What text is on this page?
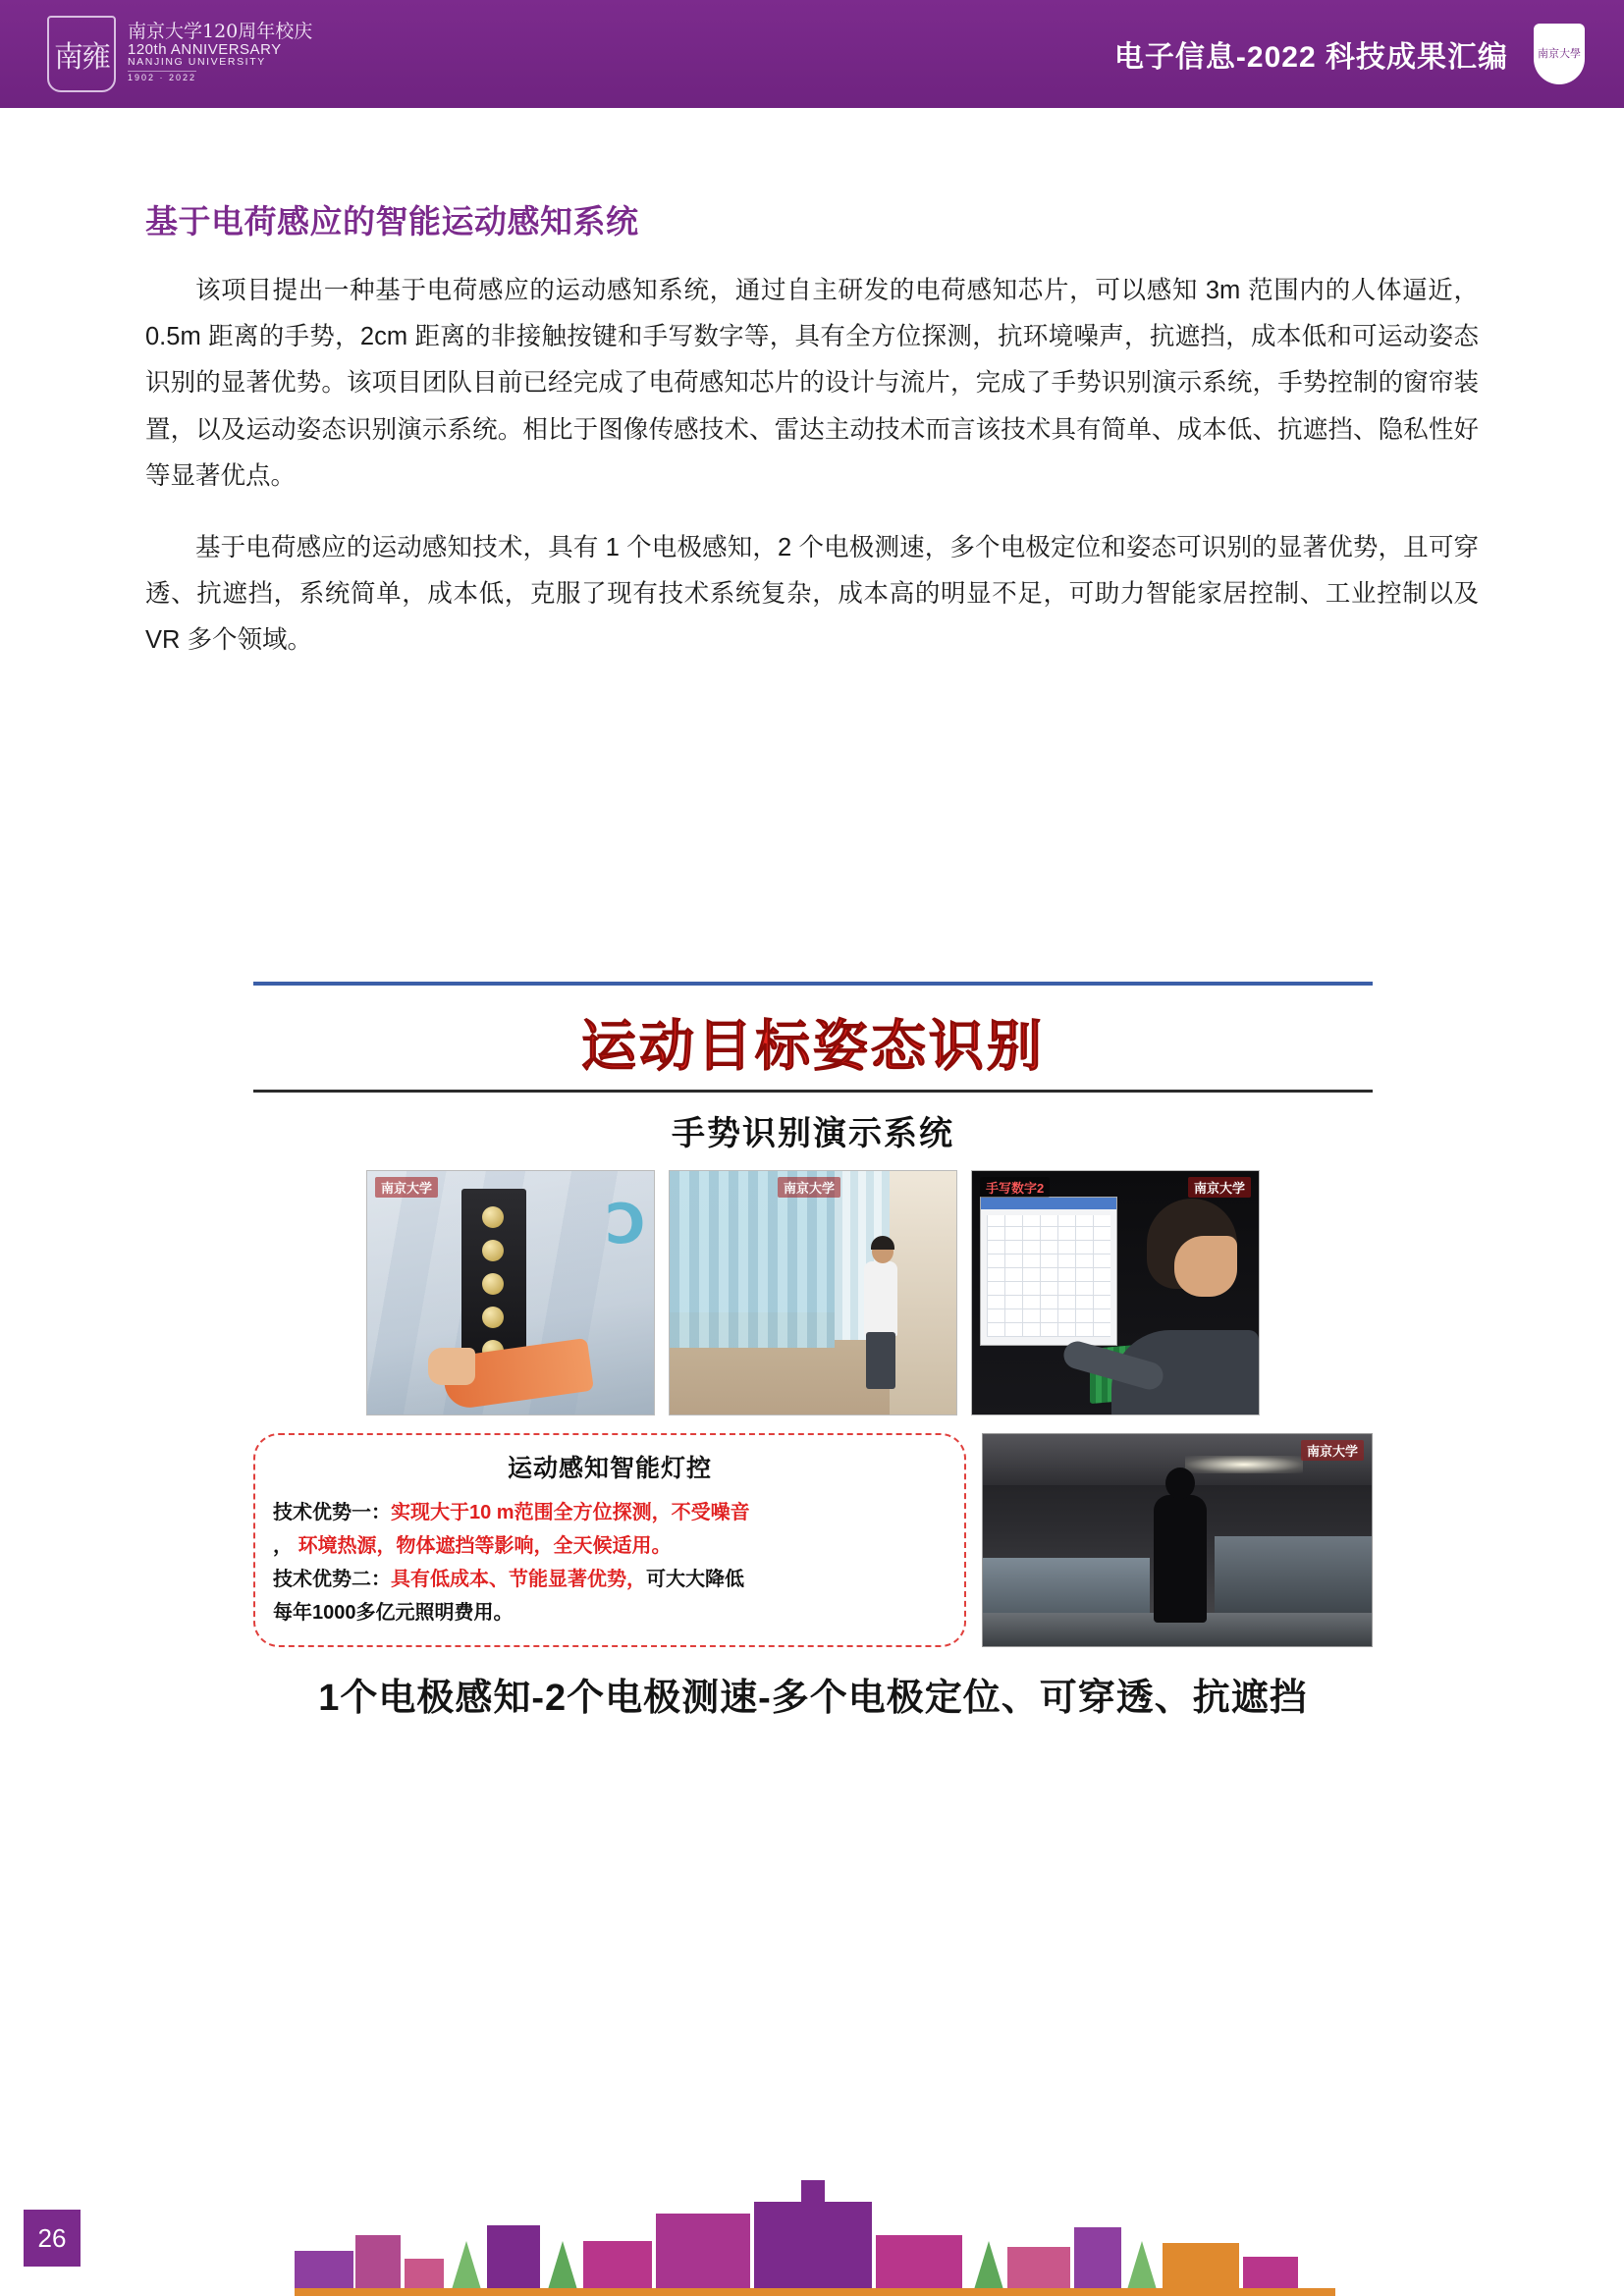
南雍
南京大学120周年校庆
120th ANNIVERSARY
NANJING UNIVERSITY
1902 · 2022
电子信息-2022 科技成果汇编	南京大學
基于电荷感应的智能运动感知系统
该项目提出一种基于电荷感应的运动感知系统，通过自主研发的电荷感知芯片，可以感知 3m 范围内的人体逼近，0.5m 距离的手势，2cm 距离的非接触按键和手写数字等，具有全方位探测，抗环境噪声，抗遮挡，成本低和可运动姿态识别的显著优势。该项目团队目前已经完成了电荷感知芯片的设计与流片，完成了手势识别演示系统，手势控制的窗帘装置，以及运动姿态识别演示系统。相比于图像传感技术、雷达主动技术而言该技术具有简单、成本低、抗遮挡、隐私性好等显著优点。
基于电荷感应的运动感知技术，具有 1 个电极感知，2 个电极测速，多个电极定位和姿态可识别的显著优势，且可穿透、抗遮挡，系统简单，成本低，克服了现有技术系统复杂，成本高的明显不足，可助力智能家居控制、工业控制以及 VR 多个领域。
运动目标姿态识别
手势识别演示系统
Ɔ
南京大学	南京大学	手写数字2	南京大学
运动感知智能灯控
技术优势一：实现大于10 m范围全方位探测，不受噪音
， 环境热源，物体遮挡等影响，全天候适用。
技术优势二：具有低成本、节能显著优势，可大大降低
每年1000多亿元照明费用。
南京大学
1个电极感知-2个电极测速-多个电极定位、可穿透、抗遮挡
26
